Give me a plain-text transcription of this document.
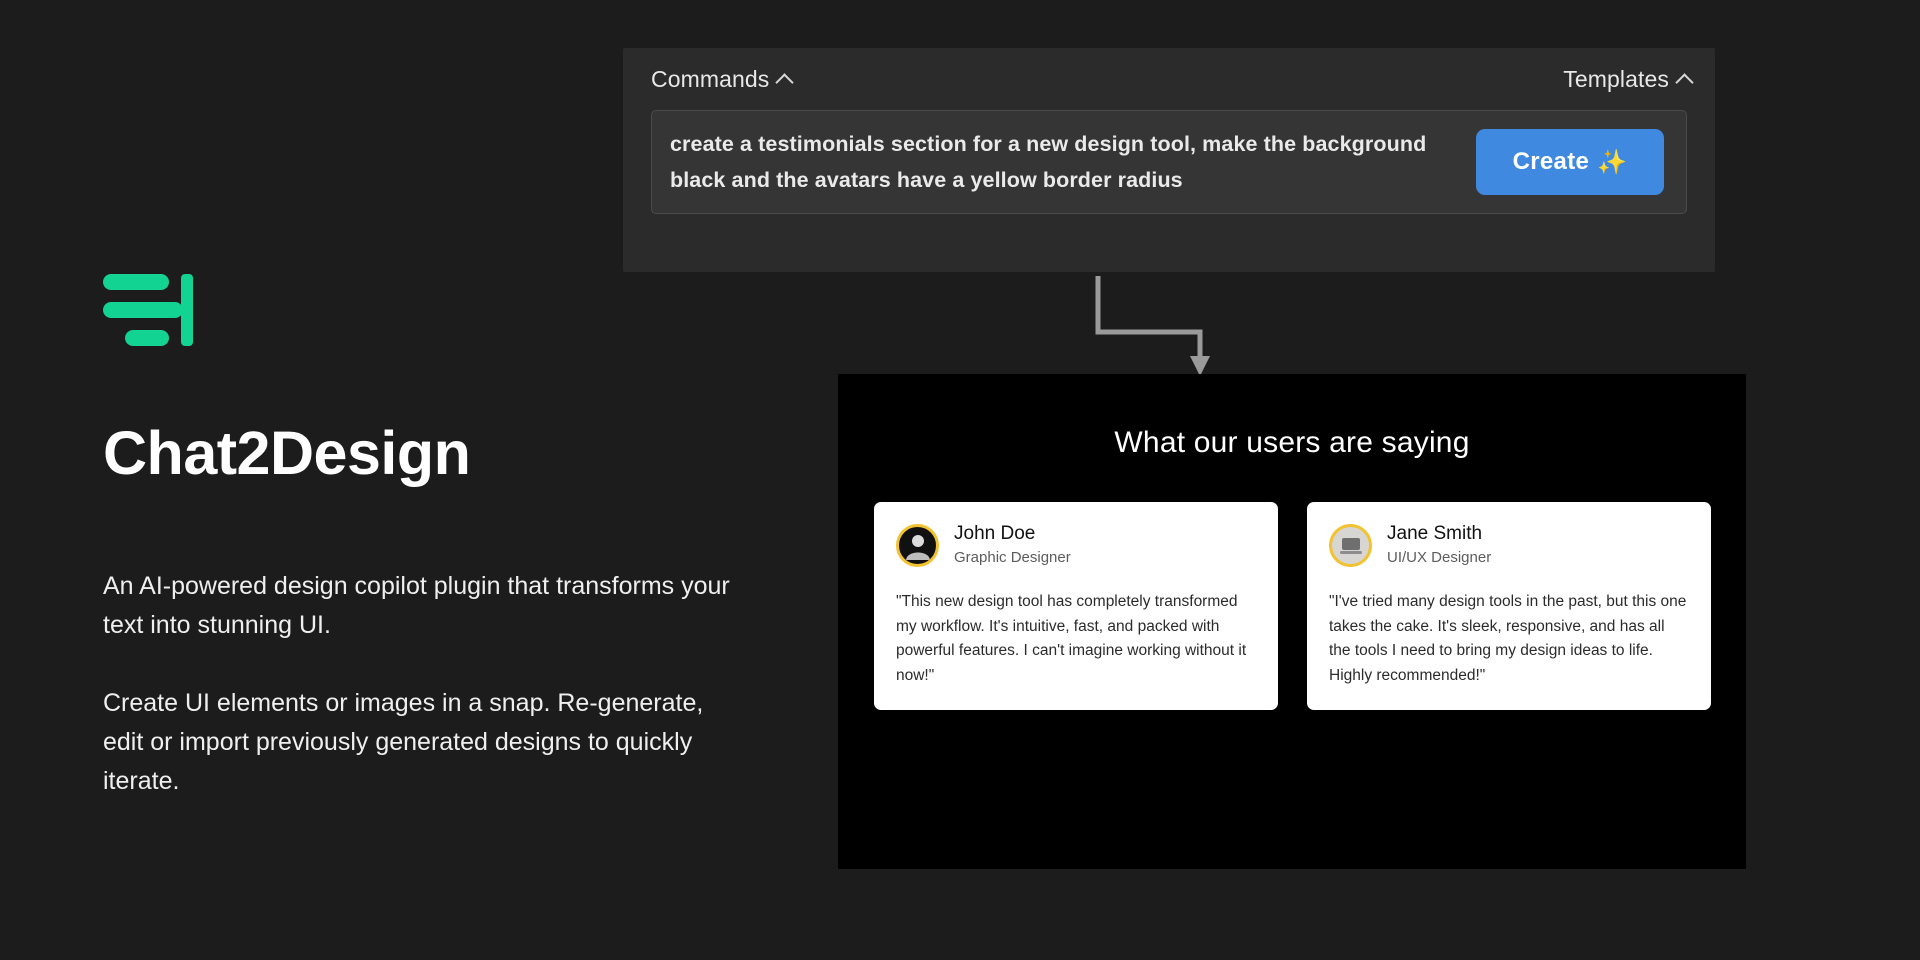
Commands	Templates
create a testimonials section for a new design tool, make the background black and the avatars have a yellow border radius
Create ✨
What our users are saying
John Doe
Graphic Designer
"This new design tool has completely transformed my workflow. It's intuitive, fast, and packed with powerful features. I can't imagine working without it now!"
Jane Smith
UI/UX Designer
"I've tried many design tools in the past, but this one takes the cake. It's sleek, responsive, and has all the tools I need to bring my design ideas to life. Highly recommended!"
Chat2Design
An AI-powered design copilot plugin that transforms your text into stunning UI.
Create UI elements or images in a snap. Re-generate, edit or import previously generated designs to quickly iterate.
